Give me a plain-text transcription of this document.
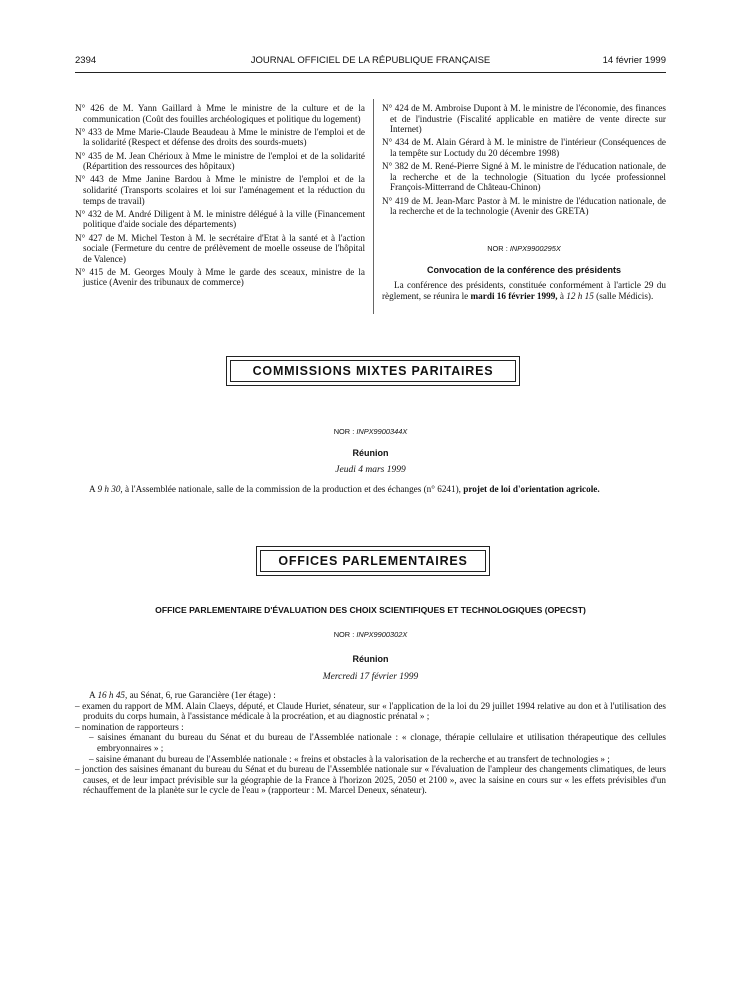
2394	JOURNAL OFFICIEL DE LA RÉPUBLIQUE FRANÇAISE	14 février 1999

N° 426 de M. Yann Gaillard à Mme le ministre de la culture et de la communication (Coût des fouilles archéologiques et politique du logement)

N° 433 de Mme Marie-Claude Beaudeau à Mme le ministre de l'emploi et de la solidarité (Respect et défense des droits des sourds-muets)

N° 435 de M. Jean Chérioux à Mme le ministre de l'emploi et de la solidarité (Répartition des ressources des hôpitaux)

N° 443 de Mme Janine Bardou à Mme le ministre de l'emploi et de la solidarité (Transports scolaires et loi sur l'aménagement et la réduction du temps de travail)

N° 432 de M. André Diligent à M. le ministre délégué à la ville (Financement politique d'aide sociale des départements)

N° 427 de M. Michel Teston à M. le secrétaire d'Etat à la santé et à l'action sociale (Fermeture du centre de prélèvement de moelle osseuse de l'hôpital de Valence)

N° 415 de M. Georges Mouly à Mme le garde des sceaux, ministre de la justice (Avenir des tribunaux de commerce)

N° 424 de M. Ambroise Dupont à M. le ministre de l'économie, des finances et de l'industrie (Fiscalité applicable en matière de vente directe sur Internet)

N° 434 de M. Alain Gérard à M. le ministre de l'intérieur (Conséquences de la tempête sur Loctudy du 20 décembre 1998)

N° 382 de M. René-Pierre Signé à M. le ministre de l'éducation nationale, de la recherche et de la technologie (Situation du lycée professionnel François-Mitterrand de Château-Chinon)

N° 419 de M. Jean-Marc Pastor à M. le ministre de l'éducation nationale, de la recherche et de la technologie (Avenir des GRETA)

NOR : INPX9900295X
Convocation de la conférence des présidents
La conférence des présidents, constituée conformément à l'article 29 du règlement, se réunira le mardi 16 février 1999, à 12 h 15 (salle Médicis).
COMMISSIONS MIXTES PARITAIRES
NOR : INPX9900344X
Réunion
Jeudi 4 mars 1999
A 9 h 30, à l'Assemblée nationale, salle de la commission de la production et des échanges (n° 6241), projet de loi d'orientation agricole.
OFFICES PARLEMENTAIRES
OFFICE PARLEMENTAIRE D'ÉVALUATION DES CHOIX SCIENTIFIQUES ET TECHNOLOGIQUES (OPECST)
NOR : INPX9900302X
Réunion
Mercredi 17 février 1999

A 16 h 45, au Sénat, 6, rue Garancière (1er étage) :

– examen du rapport de MM. Alain Claeys, député, et Claude Huriet, sénateur, sur « l'application de la loi du 29 juillet 1994 relative au don et à l'utilisation des produits du corps humain, à l'assistance médicale à la procréation, et au diagnostic prénatal » ;

– nomination de rapporteurs :

– saisines émanant du bureau du Sénat et du bureau de l'Assemblée nationale : « clonage, thérapie cellulaire et utilisation thérapeutique des cellules embryonnaires » ;

– saisine émanant du bureau de l'Assemblée nationale : « freins et obstacles à la valorisation de la recherche et au transfert de technologies » ;

– jonction des saisines émanant du bureau du Sénat et du bureau de l'Assemblée nationale sur « l'évaluation de l'ampleur des changements climatiques, de leurs causes, et de leur impact prévisible sur la géographie de la France à l'horizon 2025, 2050 et 2100 », avec la saisine en cours sur « les effets prévisibles d'un réchauffement de la planète sur le cycle de l'eau » (rapporteur : M. Marcel Deneux, sénateur).
